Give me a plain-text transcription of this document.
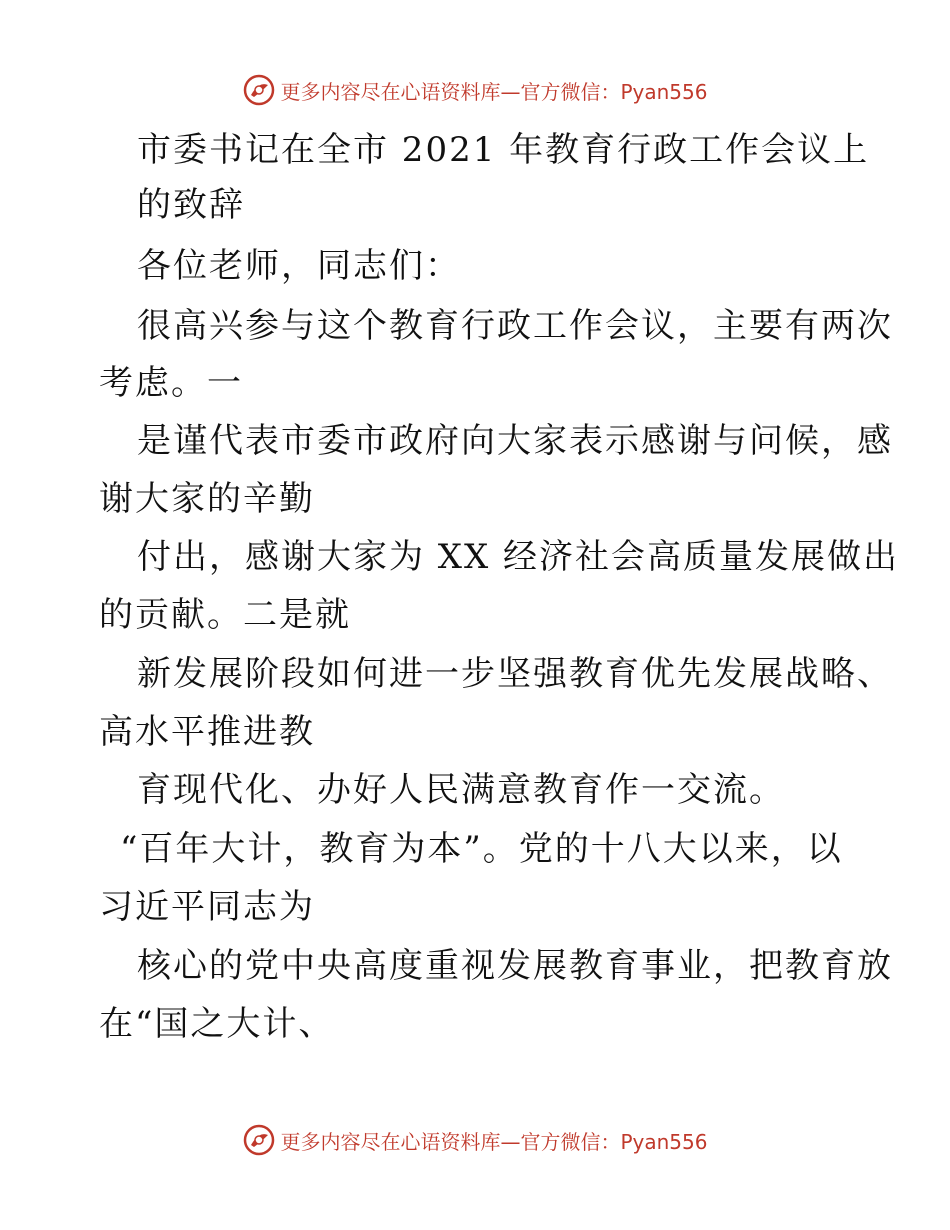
更多内容尽在心语资料库—官方微信：Pyan556
市委书记在全市 2021 年教育行政工作会议上
的致辞
各位老师，同志们：
很高兴参与这个教育行政工作会议，主要有两次
考虑。一
是谨代表市委市政府向大家表示感谢与问候，感
谢大家的辛勤
付出，感谢大家为 XX 经济社会高质量发展做出
的贡献。二是就
新发展阶段如何进一步坚强教育优先发展战略、
高水平推进教
育现代化、办好人民满意教育作一交流。
“百年大计，教育为本”。党的十八大以来，以
习近平同志为
核心的党中央高度重视发展教育事业，把教育放
在“国之大计、
更多内容尽在心语资料库—官方微信：Pyan556
